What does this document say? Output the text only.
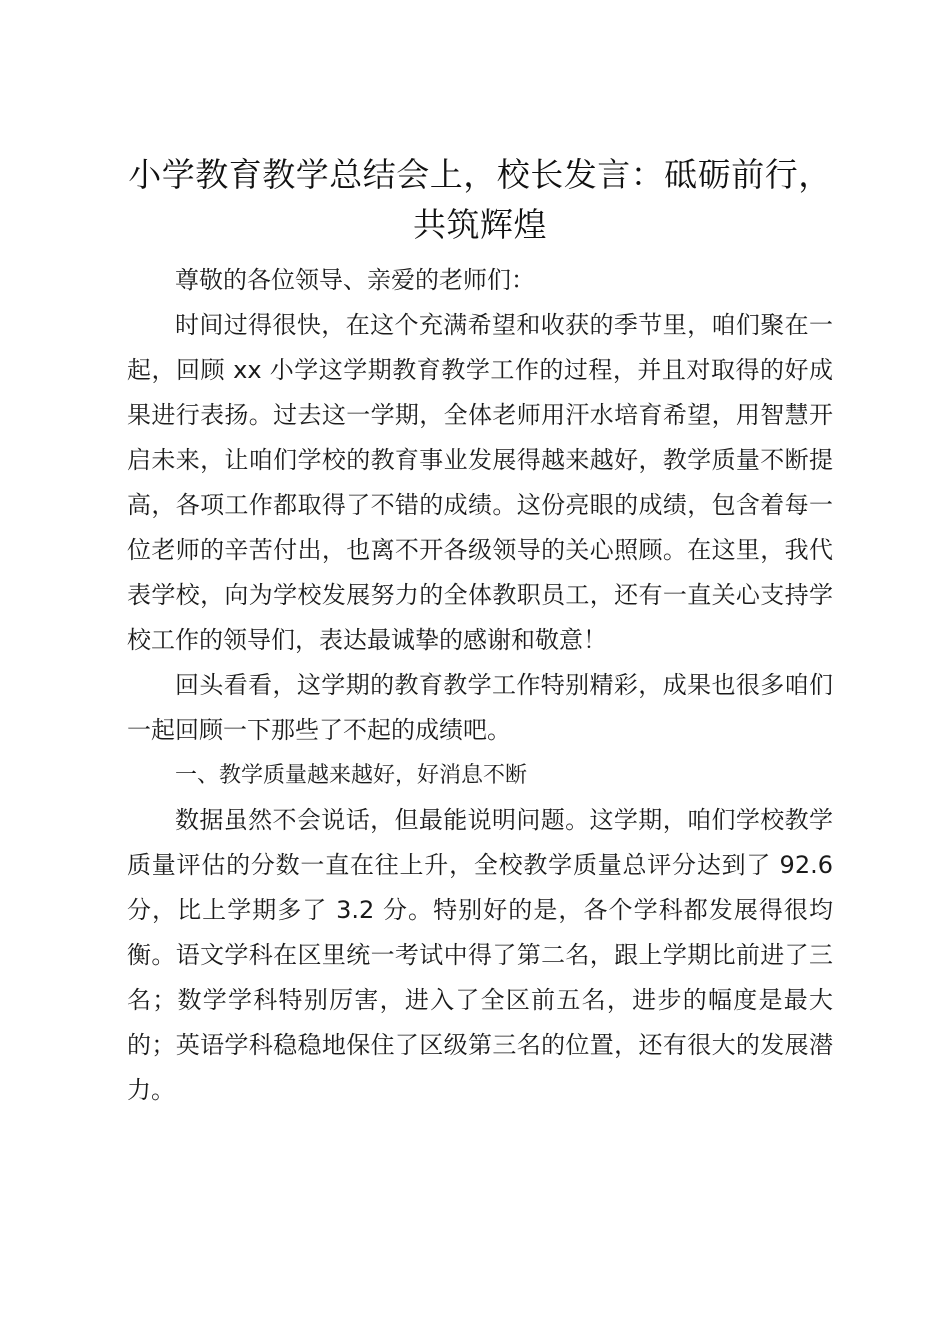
小学教育教学总结会上，校长发言：砥砺前行，共筑辉煌

尊敬的各位领导、亲爱的老师们：

时间过得很快，在这个充满希望和收获的季节里，咱们聚在一起，回顾 xx 小学这学期教育教学工作的过程，并且对取得的好成果进行表扬。过去这一学期，全体老师用汗水培育希望，用智慧开启未来，让咱们学校的教育事业发展得越来越好，教学质量不断提高，各项工作都取得了不错的成绩。这份亮眼的成绩，包含着每一位老师的辛苦付出，也离不开各级领导的关心照顾。在这里，我代表学校，向为学校发展努力的全体教职员工，还有一直关心支持学校工作的领导们，表达最诚挚的感谢和敬意！

回头看看，这学期的教育教学工作特别精彩，成果也很多咱们一起回顾一下那些了不起的成绩吧。

一、教学质量越来越好，好消息不断

数据虽然不会说话，但最能说明问题。这学期，咱们学校教学质量评估的分数一直在往上升，全校教学质量总评分达到了 92.6 分，比上学期多了 3.2 分。特别好的是，各个学科都发展得很均衡。语文学科在区里统一考试中得了第二名，跟上学期比前进了三名；数学学科特别厉害，进入了全区前五名，进步的幅度是最大的；英语学科稳稳地保住了区级第三名的位置，还有很大的发展潜力。
